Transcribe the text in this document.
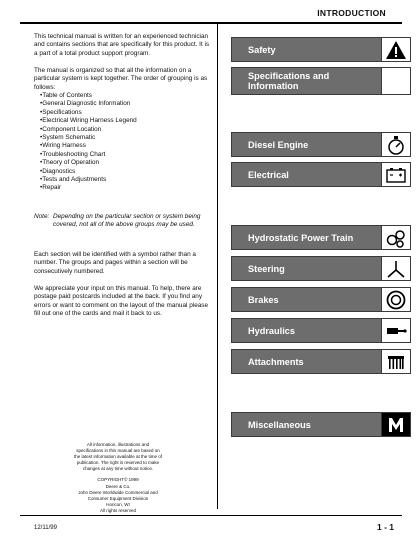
INTRODUCTION

This technical manual is written for an experienced technician and contains sections that are specifically for this product. It is a part of a total product support program.

The manual is organized so that all the information on a particular system is kept together. The order of grouping is as follows:

• Table of Contents
• General Diagnostic Information
• Specifications
• Electrical Wiring Harness Legend
• Component Location
• System Schematic
• Wiring Harness
• Troubleshooting Chart
• Theory of Operation
• Diagnostics
• Tests and Adjustments
• Repair
Note: Depending on the particular section or system being covered, not all of the above groups may be used.

Each section will be identified with a symbol rather than a number. The groups and pages within a section will be consecutively numbered.

We appreciate your input on this manual. To help, there are postage paid postcards included at the back. If you find any errors or want to comment on the layout of the manual please fill out one of the cards and mail it back to us.

All information, illustrations and
specifications in this manual are based on
the latest information available at the time of
publication. The right is reserved to make
changes at any time without notice.
COPYRIGHT© 1999
Deere & Co.
John Deere Worldwide Commercial and
Consumer Equipment Division
Horicon, WI
All rights reserved
Safety
Specifications and Information
Diesel Engine
Electrical
Hydrostatic Power Train
Steering
Brakes
Hydraulics
Attachments
Miscellaneous
12/11/99	1 - 1
